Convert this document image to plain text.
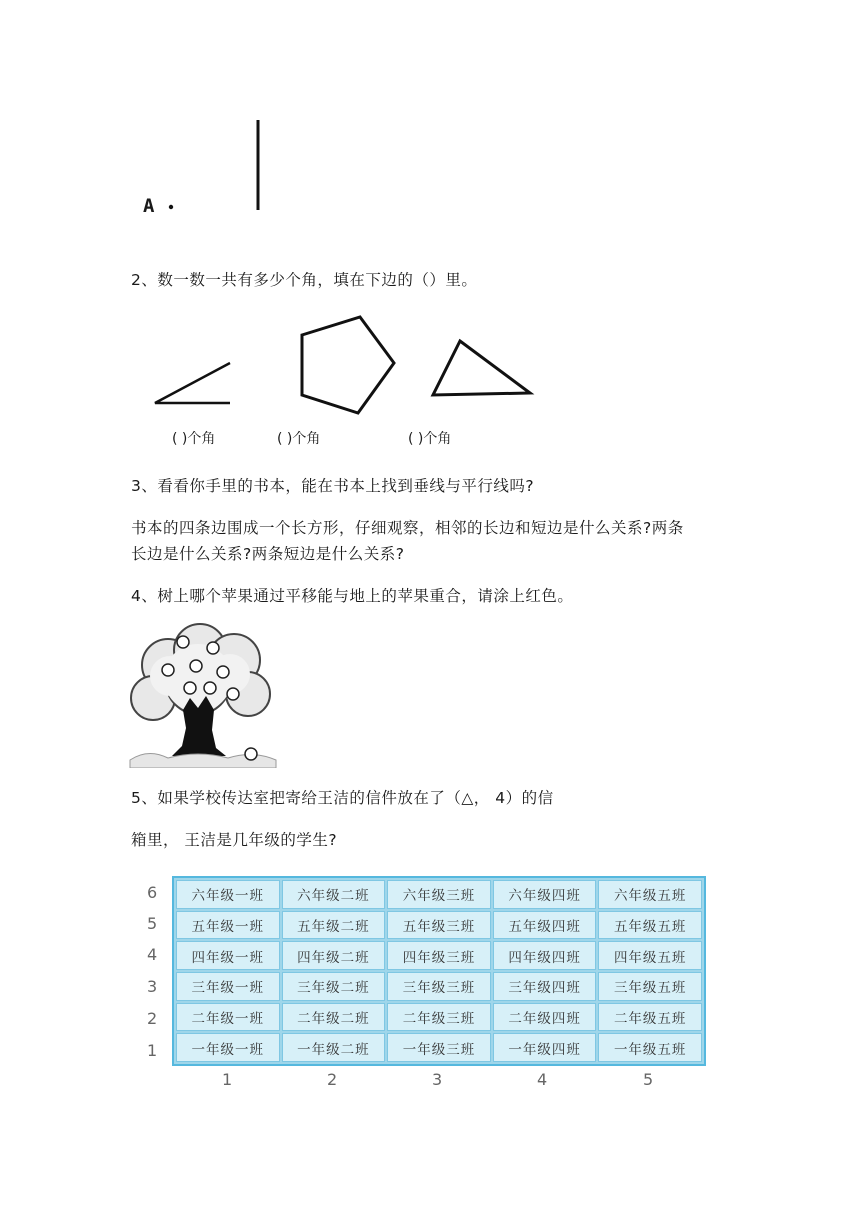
A
2、数一数一共有多少个角，填在下边的（）里。
( )个角	( )个角	( )个角
3、看看你手里的书本，能在书本上找到垂线与平行线吗?
书本的四条边围成一个长方形，仔细观察，相邻的长边和短边是什么关系?两条
长边是什么关系?两条短边是什么关系?
4、树上哪个苹果通过平移能与地上的苹果重合，请涂上红色。
5、如果学校传达室把寄给王洁的信件放在了（△， 4）的信
箱里， 王洁是几年级的学生?
6
5
4
3
2
1
六年级一班	六年级二班	六年级三班	六年级四班	六年级五班
五年级一班	五年级二班	五年级三班	五年级四班	五年级五班
四年级一班	四年级二班	四年级三班	四年级四班	四年级五班
三年级一班	三年级二班	三年级三班	三年级四班	三年级五班
二年级一班	二年级二班	二年级三班	二年级四班	二年级五班
一年级一班	一年级二班	一年级三班	一年级四班	一年级五班
1	2	3	4	5
